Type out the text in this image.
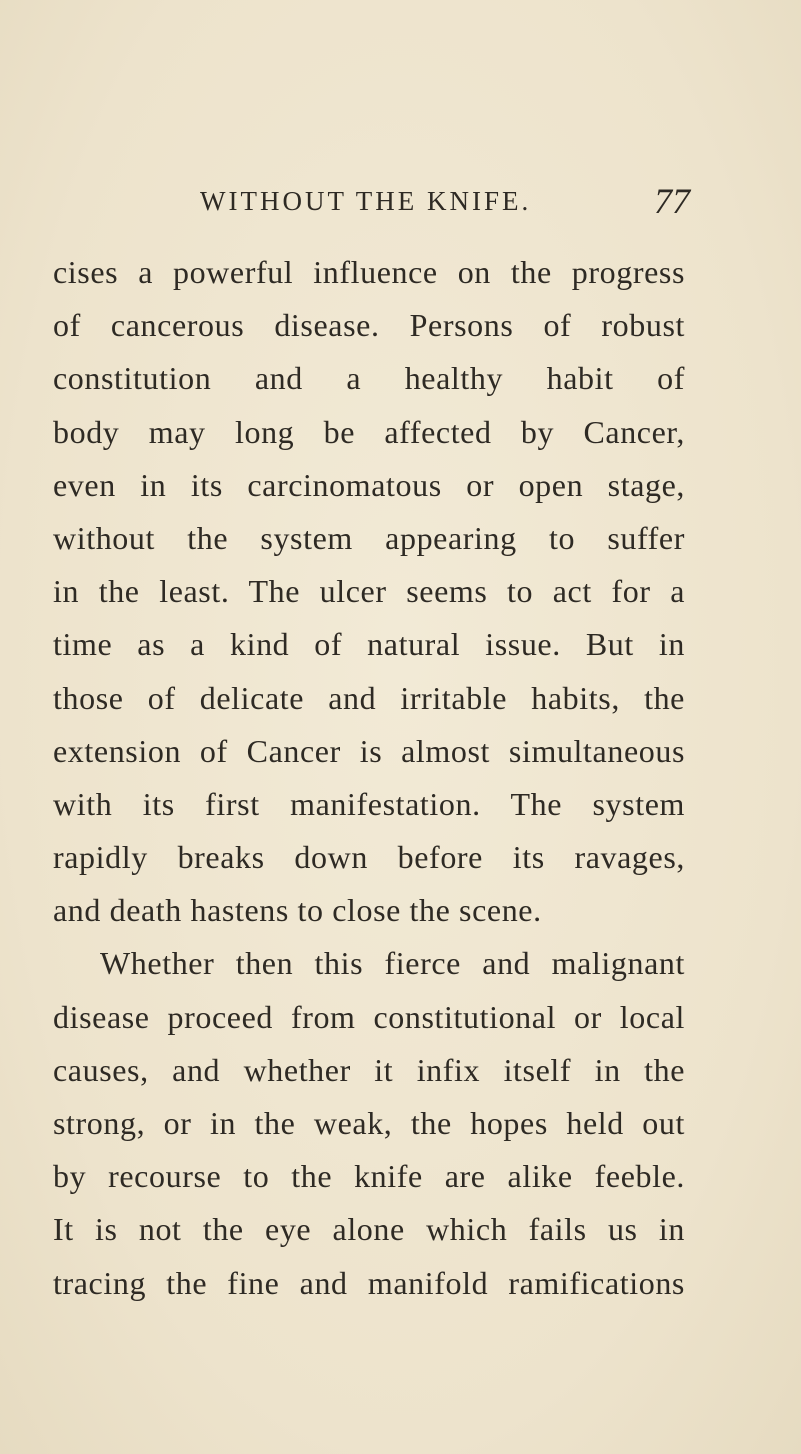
WITHOUT THE KNIFE.	77
cises a powerful influence on the progress
of cancerous disease. Persons of robust
constitution and a healthy habit of
body may long be affected by Cancer,
even in its carcinomatous or open stage,
without the system appearing to suffer
in the least. The ulcer seems to act for a
time as a kind of natural issue. But in
those of delicate and irritable habits, the
extension of Cancer is almost simultaneous
with its first manifestation. The system
rapidly breaks down before its ravages,
and death hastens to close the scene.
Whether then this fierce and malignant
disease proceed from constitutional or local
causes, and whether it infix itself in the
strong, or in the weak, the hopes held out
by recourse to the knife are alike feeble.
It is not the eye alone which fails us in
tracing the fine and manifold ramifications
